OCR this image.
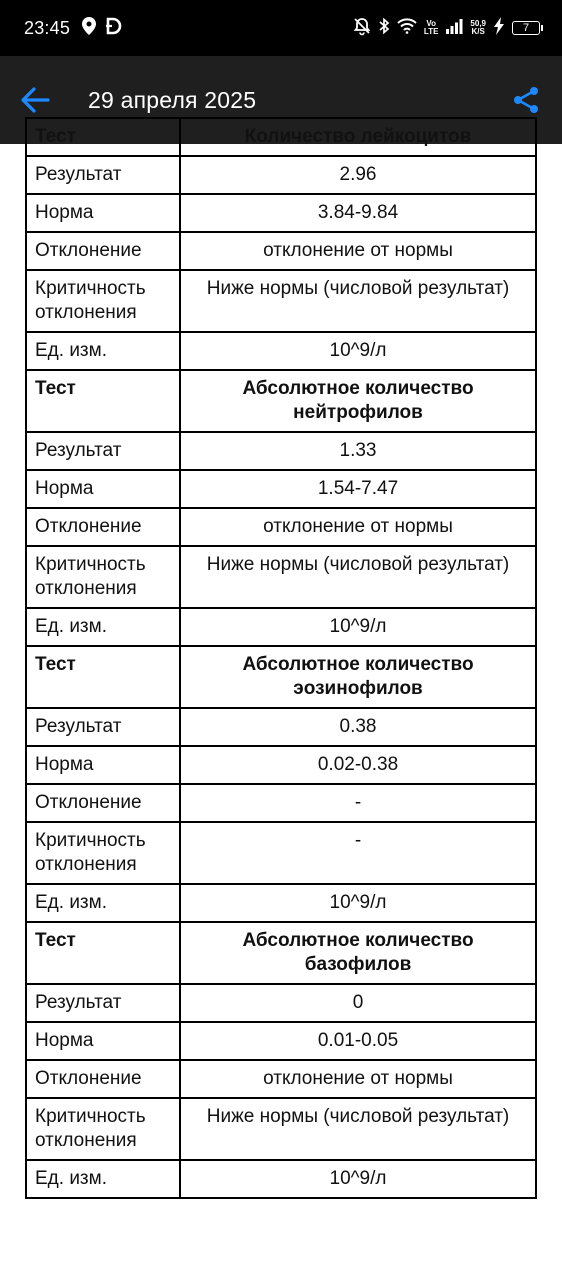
23:45	Vo
LTE
50,9
K/S	7
29 апреля 2025
Тест	Количество лейкоцитов
Результат	2.96
Норма	3.84-9.84
Отклонение	отклонение от нормы
Критичность отклонения	Ниже нормы (числовой результат)
Ед. изм.	10^9/л
Тест	Абсолютное количество нейтрофилов
Результат	1.33
Норма	1.54-7.47
Отклонение	отклонение от нормы
Критичность отклонения	Ниже нормы (числовой результат)
Ед. изм.	10^9/л
Тест	Абсолютное количество эозинофилов
Результат	0.38
Норма	0.02-0.38
Отклонение	-
Критичность отклонения	-
Ед. изм.	10^9/л
Тест	Абсолютное количество базофилов
Результат	0
Норма	0.01-0.05
Отклонение	отклонение от нормы
Критичность отклонения	Ниже нормы (числовой результат)
Ед. изм.	10^9/л
